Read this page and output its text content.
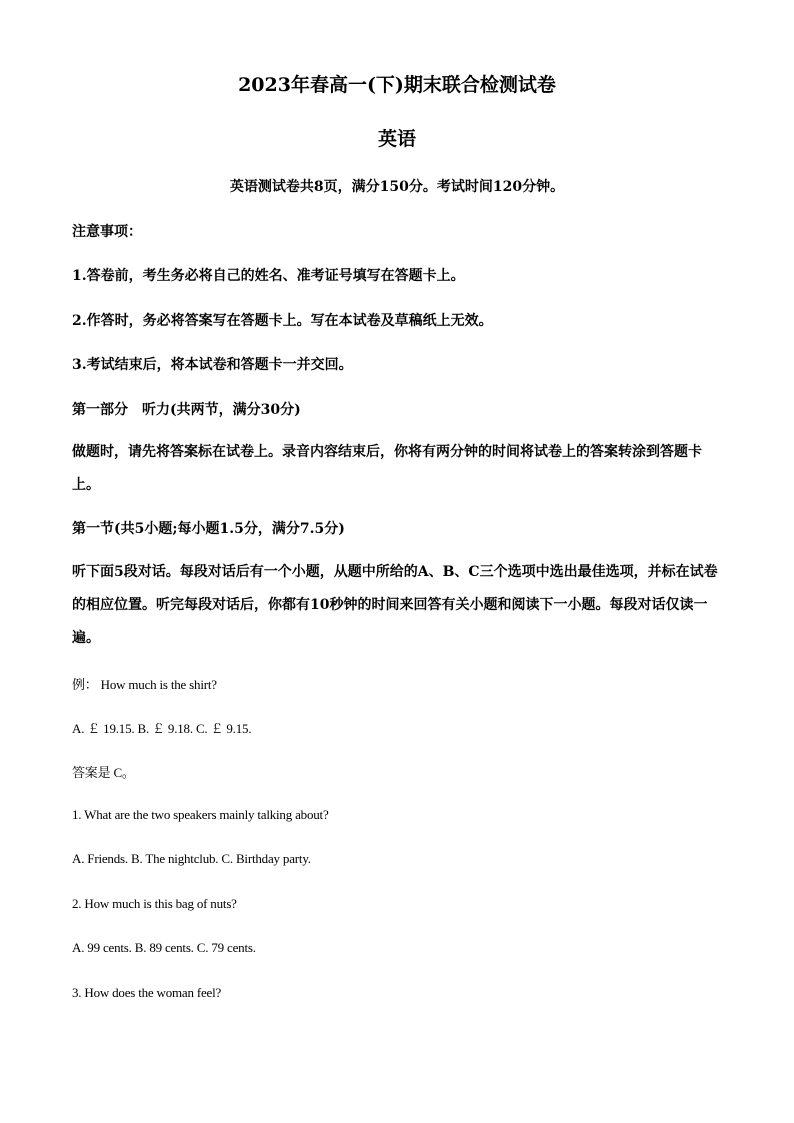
2023年春高一(下)期末联合检测试卷
英语
英语测试卷共8页，满分150分。考试时间120分钟。
注意事项：
1.答卷前，考生务必将自己的姓名、准考证号填写在答题卡上。
2.作答时，务必将答案写在答题卡上。写在本试卷及草稿纸上无效。
3.考试结束后，将本试卷和答题卡一并交回。
第一部分　听力(共两节，满分30分)
做题时，请先将答案标在试卷上。录音内容结束后，你将有两分钟的时间将试卷上的答案转涂到答题卡上。
第一节(共5小题;每小题1.5分，满分7.5分)
听下面5段对话。每段对话后有一个小题，从题中所给的A、B、C三个选项中选出最佳选项，并标在试卷的相应位置。听完每段对话后，你都有10秒钟的时间来回答有关小题和阅读下一小题。每段对话仅读一遍。
例： How much is the shirt?
A. ￡ 19.15. B. ￡ 9.18. C. ￡ 9.15.
答案是 C。
1. What are the two speakers mainly talking about?
A. Friends. B. The nightclub. C. Birthday party.
2. How much is this bag of nuts?
A. 99 cents. B. 89 cents. C. 79 cents.
3. How does the woman feel?
